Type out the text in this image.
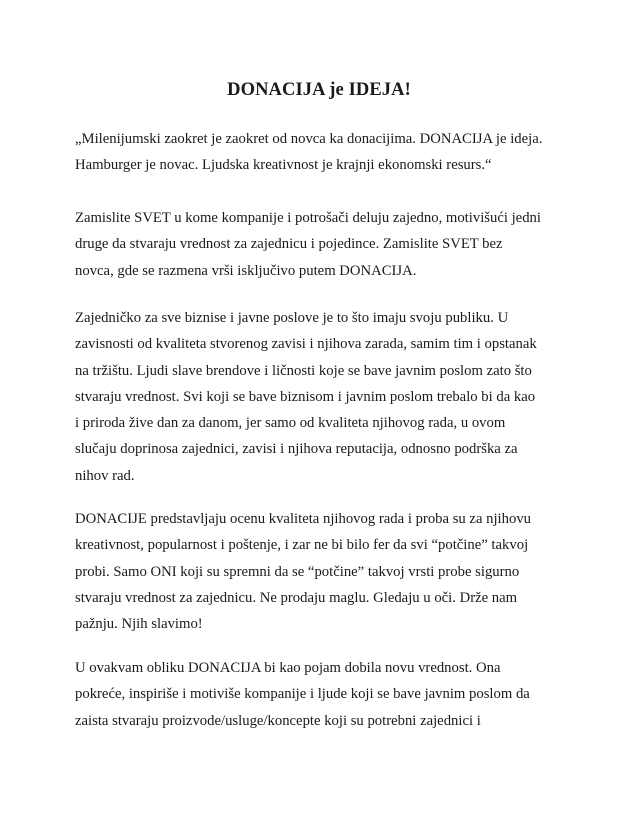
DONACIJA je IDEJA!
„Milenijumski zaokret je zaokret od novca ka donacijima. DONACIJA je ideja.
Hamburger je novac. Ljudska kreativnost je krajnji ekonomski resurs.“
Zamislite SVET u kome kompanije i potrošači deluju zajedno, motivišući jedni
druge da stvaraju vrednost za zajednicu i pojedince. Zamislite SVET bez
novca, gde se razmena vrši isključivo putem DONACIJA.
Zajedničko za sve biznise i javne poslove je to što imaju svoju publiku. U
zavisnosti od kvaliteta stvorenog zavisi i njihova zarada, samim tim i opstanak
na tržištu. Ljudi slave brendove i ličnosti koje se bave javnim poslom zato što
stvaraju vrednost. Svi koji se bave biznisom i javnim poslom trebalo bi da kao
i priroda žive dan za danom, jer samo od kvaliteta njihovog rada, u ovom
slučaju doprinosa zajednici, zavisi i njihova reputacija, odnosno podrška za
nihov rad.
DONACIJE predstavljaju ocenu kvaliteta njihovog rada i proba su za njihovu
kreativnost, popularnost i poštenje, i zar ne bi bilo fer da svi “potčine” takvoj
probi. Samo ONI koji su spremni da se “potčine” takvoj vrsti probe sigurno
stvaraju vrednost za zajednicu. Ne prodaju maglu. Gledaju u oči. Drže nam
pažnju. Njih slavimo!
U ovakvam obliku DONACIJA bi kao pojam dobila novu vrednost. Ona
pokreće, inspiriše i motiviše kompanije i ljude koji se bave javnim poslom da
zaista stvaraju proizvode/usluge/koncepte koji su potrebni zajednici i
